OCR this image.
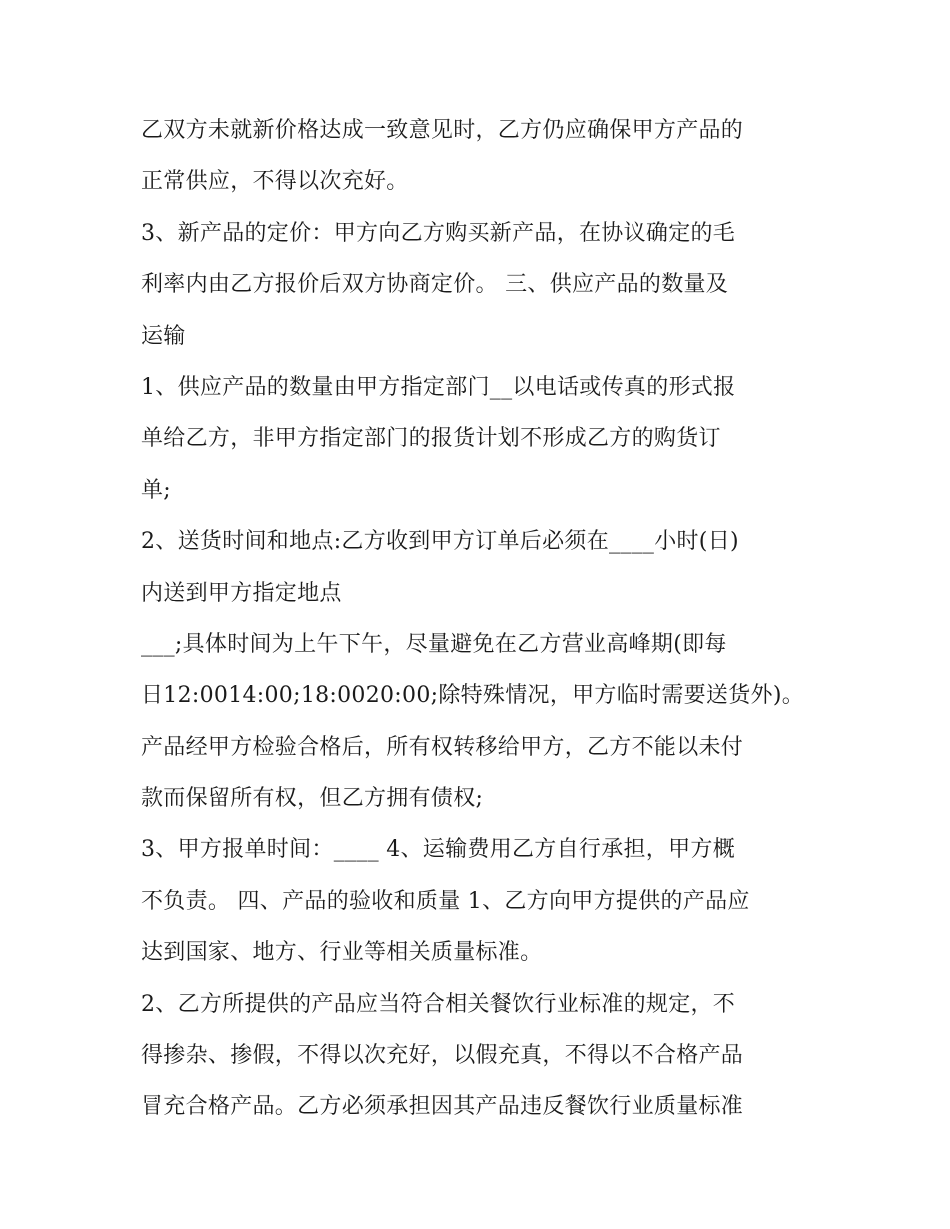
乙双方未就新价格达成一致意见时，乙方仍应确保甲方产品的
正常供应，不得以次充好。
3、新产品的定价：甲方向乙方购买新产品，在协议确定的毛
利率内由乙方报价后双方协商定价。 三、供应产品的数量及
运输
1、供应产品的数量由甲方指定部门__以电话或传真的形式报
单给乙方，非甲方指定部门的报货计划不形成乙方的购货订
单;
2、送货时间和地点:乙方收到甲方订单后必须在____小时(日)
内送到甲方指定地点
___;具体时间为上午下午，尽量避免在乙方营业高峰期(即每
日12:0014:00;18:0020:00;除特殊情况，甲方临时需要送货外)。
产品经甲方检验合格后，所有权转移给甲方，乙方不能以未付
款而保留所有权，但乙方拥有债权;
3、甲方报单时间：____ 4、运输费用乙方自行承担，甲方概
不负责。 四、产品的验收和质量 1、乙方向甲方提供的产品应
达到国家、地方、行业等相关质量标准。
2、乙方所提供的产品应当符合相关餐饮行业标准的规定，不
得掺杂、掺假，不得以次充好，以假充真，不得以不合格产品
冒充合格产品。乙方必须承担因其产品违反餐饮行业质量标准
